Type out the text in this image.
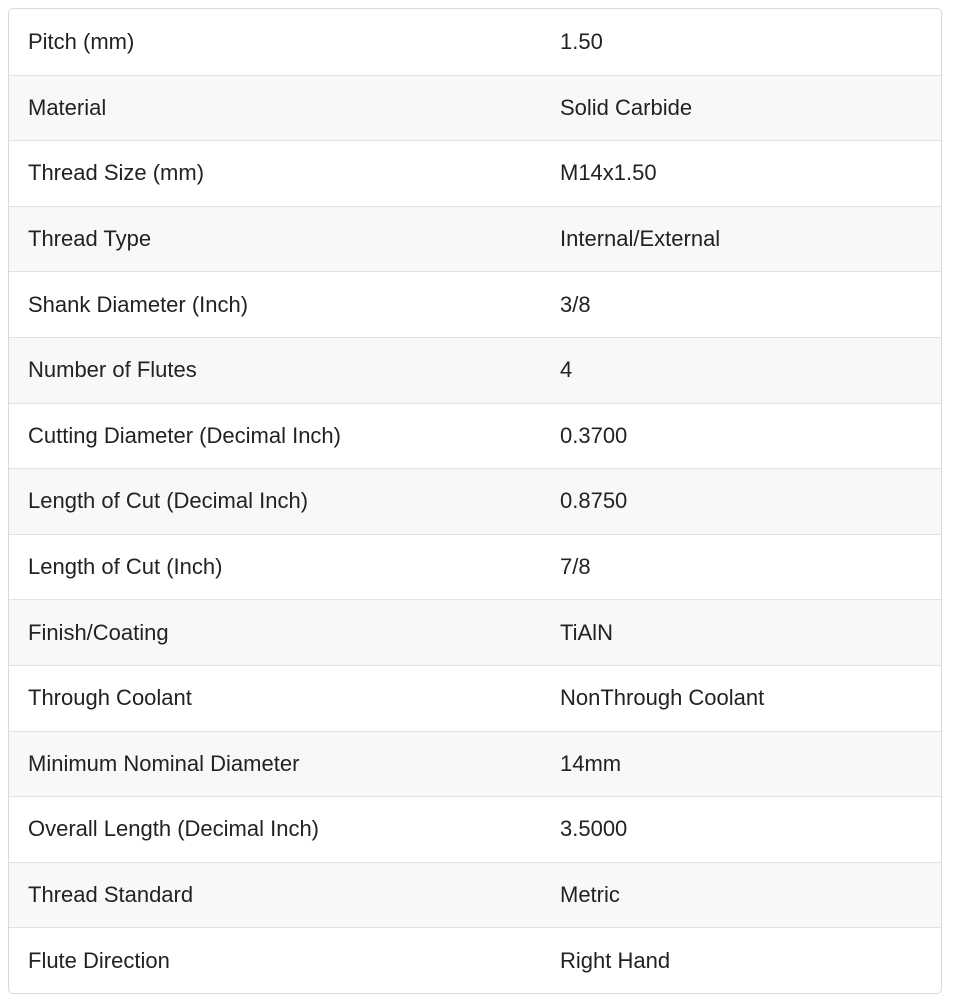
Pitch (mm)	1.50
Material	Solid Carbide
Thread Size (mm)	M14x1.50
Thread Type	Internal/External
Shank Diameter (Inch)	3/8
Number of Flutes	4
Cutting Diameter (Decimal Inch)	0.3700
Length of Cut (Decimal Inch)	0.8750
Length of Cut (Inch)	7/8
Finish/Coating	TiAlN
Through Coolant	NonThrough Coolant
Minimum Nominal Diameter	14mm
Overall Length (Decimal Inch)	3.5000
Thread Standard	Metric
Flute Direction	Right Hand
